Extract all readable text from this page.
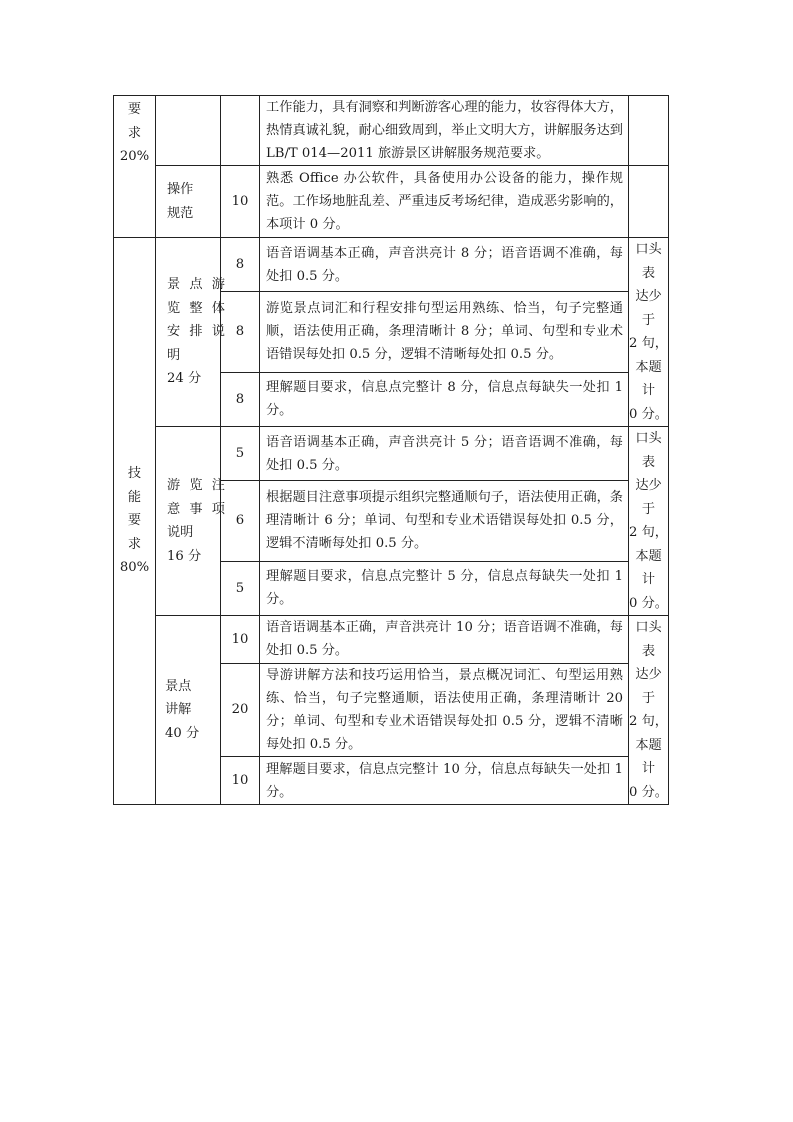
要
求
20%			工作能力，具有洞察和判断游客心理的能力，妆容得体大方，热情真诚礼貌，耐心细致周到，举止文明大方，讲解服务达到 LB/T 014—2011 旅游景区讲解服务规范要求。	

	操作
规范	10	熟悉 Office 办公软件，具备使用办公设备的能力，操作规范。工作场地脏乱差、严重违反考场纪律，造成恶劣影响的，本项计 0 分。	

技
能
要
求
80%	景点游
览整体
安排说
明
24 分	8	语音语调基本正确，声音洪亮计 8 分；语音语调不准确，每处扣 0.5 分。	口头表
达少于
2 句，
本题计
0 分。

		8	游览景点词汇和行程安排句型运用熟练、恰当，句子完整通顺，语法使用正确，条理清晰计 8 分；单词、句型和专业术语错误每处扣 0.5 分，逻辑不清晰每处扣 0.5 分。	
		8	理解题目要求，信息点完整计 8 分，信息点每缺失一处扣 1 分。	

	游览注
意事项
说明
16 分	5	语音语调基本正确，声音洪亮计 5 分；语音语调不准确，每处扣 0.5 分。	口头表
达少于
2 句，
本题计
0 分。

		6	根据题目注意事项提示组织完整通顺句子，语法使用正确，条理清晰计 6 分；单词、句型和专业术语错误每处扣 0.5 分，逻辑不清晰每处扣 0.5 分。	
		5	理解题目要求，信息点完整计 5 分，信息点每缺失一处扣 1 分。	

	景点
讲解
40 分	10	语音语调基本正确，声音洪亮计 10 分；语音语调不准确，每处扣 0.5 分。	口头表
达少于
2 句，
本题计
0 分。

		20	导游讲解方法和技巧运用恰当，景点概况词汇、句型运用熟练、恰当，句子完整通顺，语法使用正确，条理清晰计 20 分；单词、句型和专业术语错误每处扣 0.5 分，逻辑不清晰每处扣 0.5 分。	
		10	理解题目要求，信息点完整计 10 分，信息点每缺失一处扣 1 分。	
